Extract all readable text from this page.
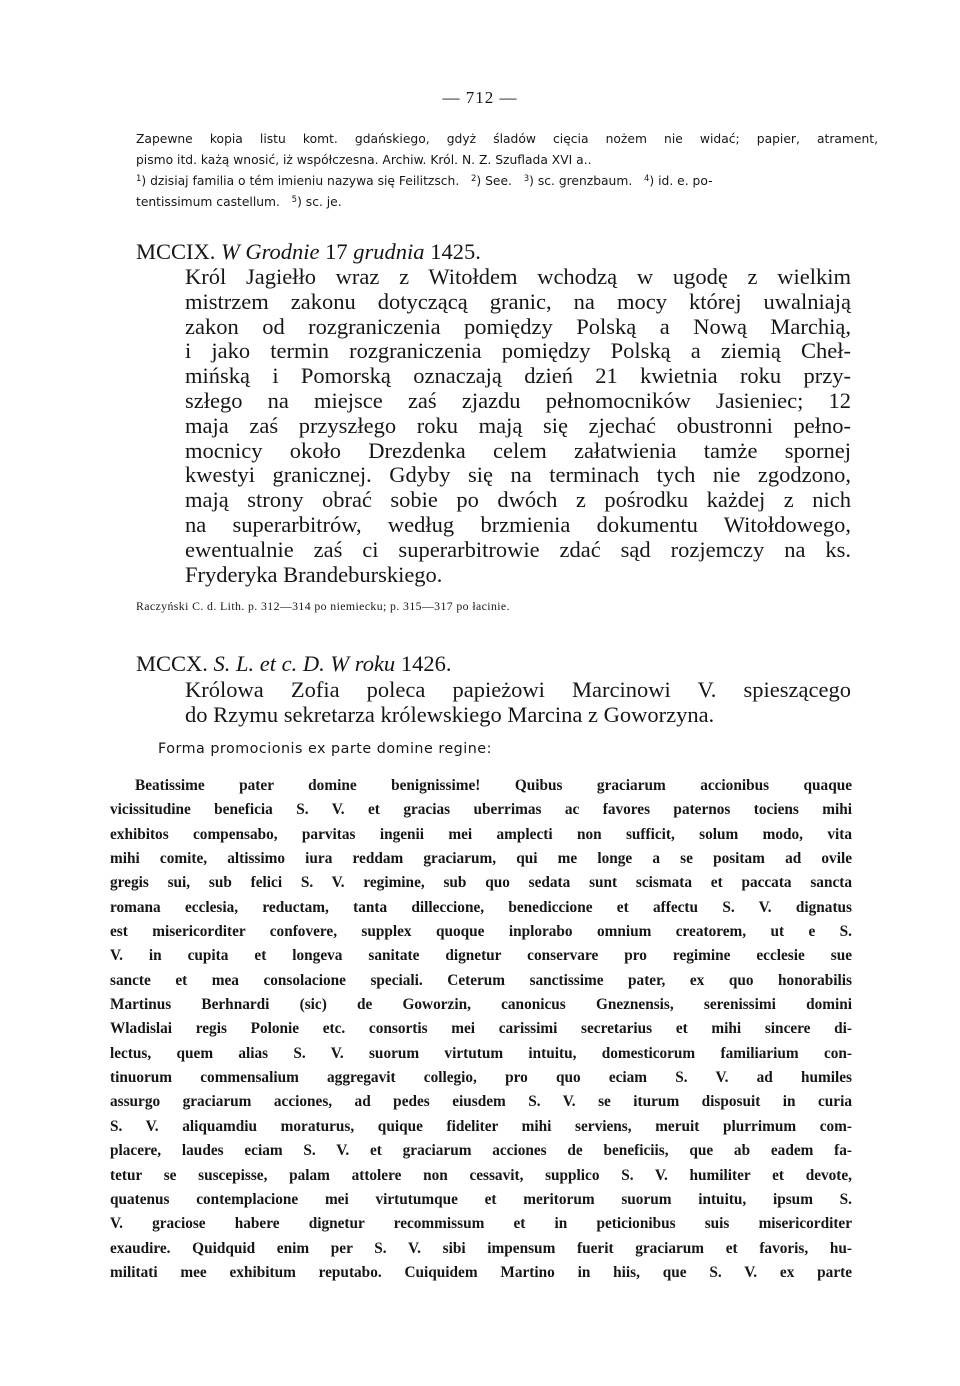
— 712 —
Zapewne kopia listu komt. gdańskiego, gdyż śladów cięcia nożem nie widać; papier, atrament,
pismo itd. każą wnosić, iż współczesna. Archiw. Król. N. Z. Szuflada XVI a..
$^1$) dzisiaj familia o tém imieniu nazywa się Feilitzsch. $^2$) See. $^3$) sc. grenzbaum. $^4$) id. e. po-
tentissimum castellum. $^5$) sc. je.
MCCIX. W Grodnie 17 grudnia 1425.
Król Jagiełło wraz z Witołdem wchodzą w ugodę z wielkim
mistrzem zakonu dotyczącą granic, na mocy której uwalniają
zakon od rozgraniczenia pomiędzy Polską a Nową Marchią,
i jako termin rozgraniczenia pomiędzy Polską a ziemią Cheł-
mińską i Pomorską oznaczają dzień 21 kwietnia roku przy-
szłego na miejsce zaś zjazdu pełnomocników Jasieniec; 12
maja zaś przyszłego roku mają się zjechać obustronni pełno-
mocnicy około Drezdenka celem załatwienia tamże spornej
kwestyi granicznej. Gdyby się na terminach tych nie zgodzono,
mają strony obrać sobie po dwóch z pośrodku każdej z nich
na superarbitrów, według brzmienia dokumentu Witołdowego,
ewentualnie zaś ci superarbitrowie zdać sąd rozjemczy na ks.
Fryderyka Brandeburskiego.
Raczyński C. d. Lith. p. 312—314 po niemiecku; p. 315—317 po łacinie.
MCCX. S. L. et c. D. W roku 1426.
Królowa Zofia poleca papieżowi Marcinowi V. spieszącego
do Rzymu sekretarza królewskiego Marcina z Goworzyna.
Forma promocionis ex parte domine regine:
Beatissime pater domine benignissime! Quibus graciarum accionibus quaque
vicissitudine beneficia S. V. et gracias uberrimas ac favores paternos tociens mihi
exhibitos compensabo, parvitas ingenii mei amplecti non sufficit, solum modo, vita
mihi comite, altissimo iura reddam graciarum, qui me longe a se positam ad ovile
gregis sui, sub felici S. V. regimine, sub quo sedata sunt scismata et paccata sancta
romana ecclesia, reductam, tanta dilleccione, benediccione et affectu S. V. dignatus
est misericorditer confovere, supplex quoque inplorabo omnium creatorem, ut e S.
V. in cupita et longeva sanitate dignetur conservare pro regimine ecclesie sue
sancte et mea consolacione speciali. Ceterum sanctissime pater, ex quo honorabilis
Martinus Berhnardi (sic) de Goworzin, canonicus Gneznensis, serenissimi domini
Wladislai regis Polonie etc. consortis mei carissimi secretarius et mihi sincere di-
lectus, quem alias S. V. suorum virtutum intuitu, domesticorum familiarium con-
tinuorum commensalium aggregavit collegio, pro quo eciam S. V. ad humiles
assurgo graciarum acciones, ad pedes eiusdem S. V. se iturum disposuit in curia
S. V. aliquamdiu moraturus, quique fideliter mihi serviens, meruit plurrimum com-
placere, laudes eciam S. V. et graciarum acciones de beneficiis, que ab eadem fa-
tetur se suscepisse, palam attolere non cessavit, supplico S. V. humiliter et devote,
quatenus contemplacione mei virtutumque et meritorum suorum intuitu, ipsum S.
V. graciose habere dignetur recommissum et in peticionibus suis misericorditer
exaudire. Quidquid enim per S. V. sibi impensum fuerit graciarum et favoris, hu-
militati mee exhibitum reputabo. Cuiquidem Martino in hiis, que S. V. ex parte
